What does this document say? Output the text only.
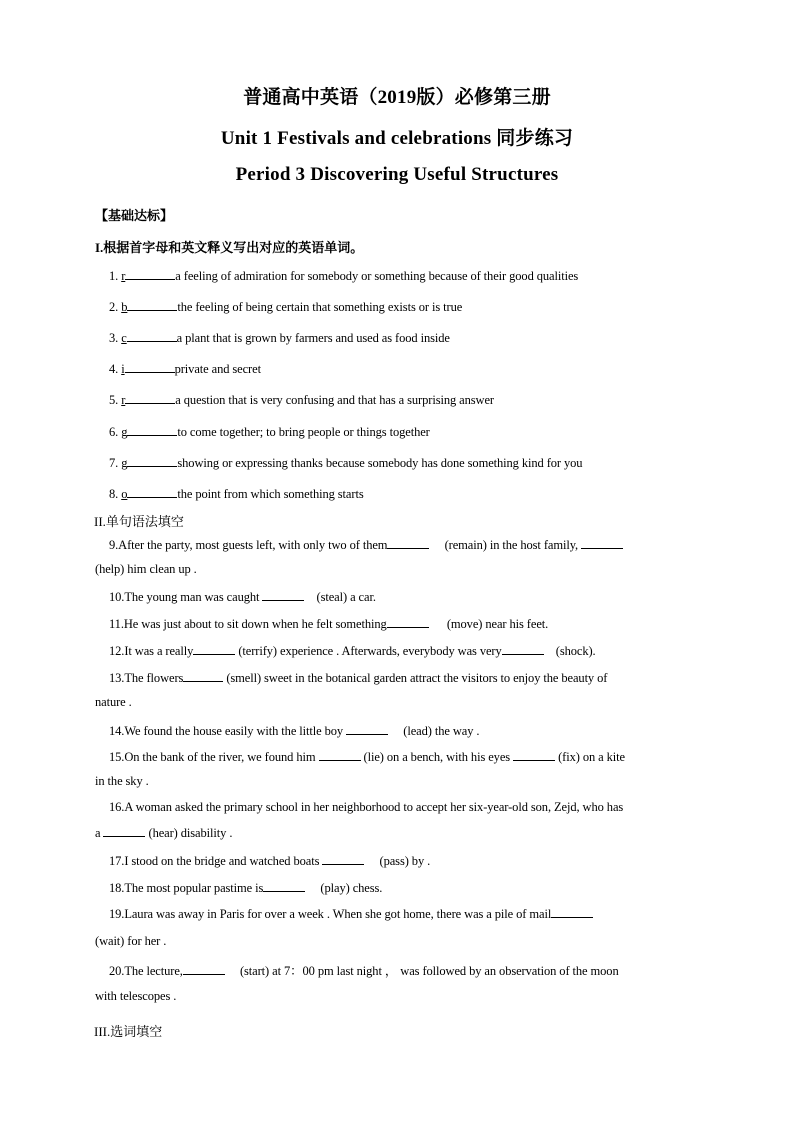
普通高中英语（2019版）必修第三册
Unit 1 Festivals and celebrations 同步练习
Period 3 Discovering Useful Structures
【基础达标】
I.根据首字母和英文释义写出对应的英语单词。
1. r	a feeling of admiration for somebody or something because of their good qualities
2. b	the feeling of being certain that something exists or is true
3. c	a plant that is grown by farmers and used as food inside
4. i	private and secret
5. r	a question that is very confusing and that has a surprising answer
6. g	to come together; to bring people or things together
7. g	showing or expressing thanks because somebody has done something kind for you
8. o	the point from which something starts
II.单句语法填空
9.After the party, most guests left, with only two of them	(remain) in the host family,
(help) him clean up .
10.The young man was caught	(steal) a car.
11.He was just about to sit down when he felt something	(move) near his feet.
12.It was a really	(terrify) experience . Afterwards, everybody was very	(shock).
13.The flowers	(smell) sweet in the botanical garden attract the visitors to enjoy the beauty of
nature .
14.We found the house easily with the little boy	(lead) the way .
15.On the bank of the river, we found him	(lie) on a bench, with his eyes	(fix) on a kite
in the sky .
16.A woman asked the primary school in her neighborhood to accept her six-year-old son, Zejd, who has
a	(hear) disability .
17.I stood on the bridge and watched boats	(pass) by .
18.The most popular pastime is	(play) chess.
19.Laura was away in Paris for over a week . When she got home, there was a pile of mail
(wait) for her .
20.The lecture,	(start) at 7：00 pm last night ， was followed by an observation of the moon
with telescopes .
III.选词填空
